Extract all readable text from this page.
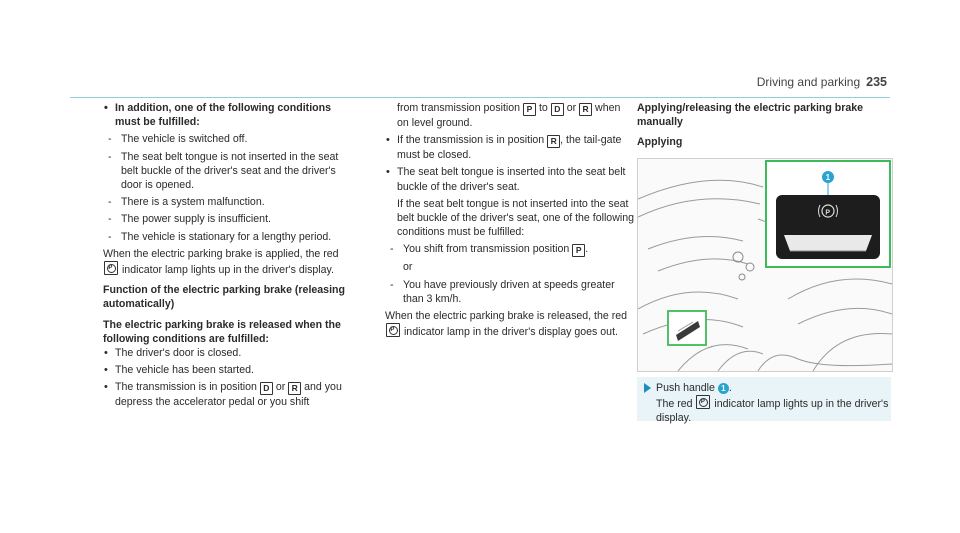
Driving and parking 235

• In addition, one of the following conditions must be fulfilled:

- The vehicle is switched off.

- The seat belt tongue is not inserted in the seat belt buckle of the driver's seat and the driver's door is opened.

- There is a system malfunction.

- The power supply is insufficient.

- The vehicle is stationary for a lengthy period.

When the electric parking brake is applied, the red P indicator lamp lights up in the driver's display.

Function of the electric parking brake (releasing automatically)

The electric parking brake is released when the following conditions are fulfilled:

• The driver's door is closed.

• The vehicle has been started.

• The transmission is in position D or R and you depress the accelerator pedal or you shift

from transmission position P to D or R when on level ground.

• If the transmission is in position R , the tail-gate must be closed.

• The seat belt tongue is inserted into the seat belt buckle of the driver's seat.

If the seat belt tongue is not inserted into the seat belt buckle of the driver's seat, one of the following conditions must be fulfilled:

- You shift from transmission position P .

or

- You have previously driven at speeds greater than 3 km/h.

When the electric parking brake is released, the red P indicator lamp in the driver's display goes out.

Applying/releasing the electric parking brake manually

Applying

P
1

Push handle 1 .

The red P indicator lamp lights up in the driver's display.
